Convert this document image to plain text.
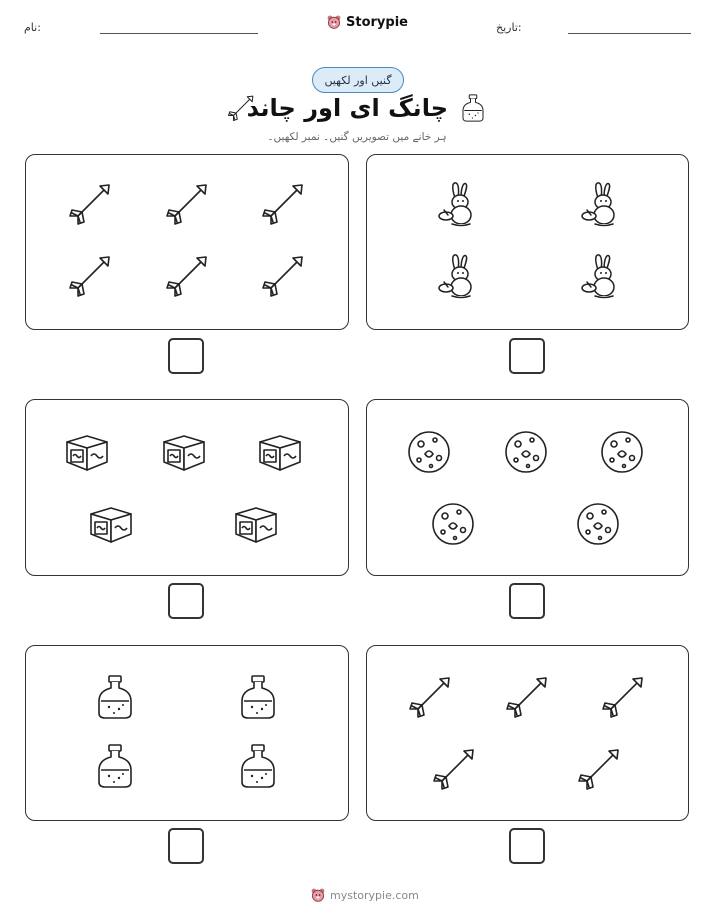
نام:	Storypie	تاریخ:
گنیں اور لکھیں
چانگ ای اور چاند
ہر خانے میں تصویریں گنیں۔ نمبر لکھیں۔
mystorypie.com
